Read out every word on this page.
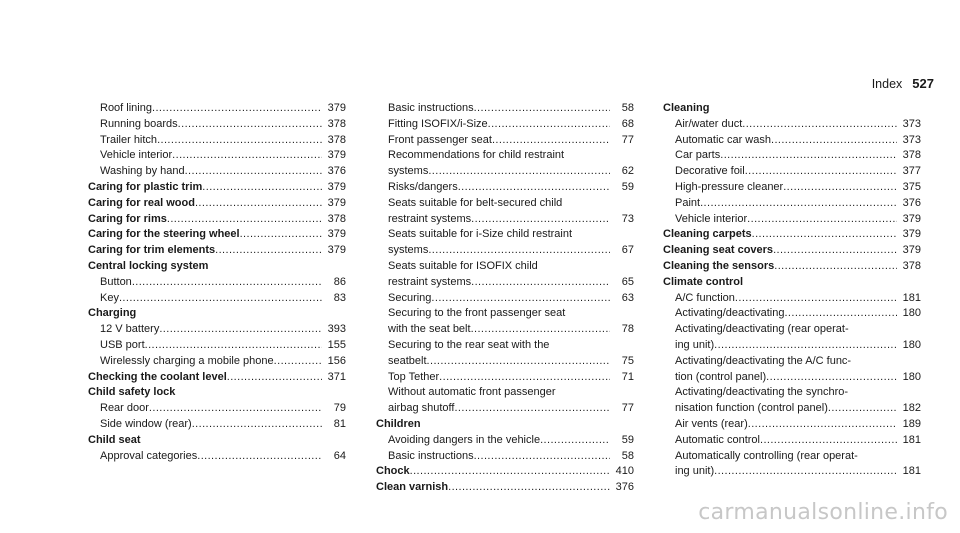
Index 527
Roof lining .....	379
Running boards .....	378
Trailer hitch .....	378
Vehicle interior .....	379
Washing by hand .....	376
Caring for plastic trim .....	379
Caring for real wood .....	379
Caring for rims .....	378
Caring for the steering wheel .....	379
Caring for trim elements .....	379
Central locking system
Button .....	86
Key .....	83
Charging
12 V battery .....	393
USB port .....	155
Wirelessly charging a mobile phone .....	156
Checking the coolant level .....	371
Child safety lock
Rear door .....	79
Side window (rear) .....	81
Child seat
Approval categories .....	64
Basic instructions .....	58
Fitting ISOFIX/i-Size .....	68
Front passenger seat .....	77
Recommendations for child restraint
systems .....	62
Risks/dangers .....	59
Seats suitable for belt-secured child
restraint systems .....	73
Seats suitable for i-Size child restraint
systems .....	67
Seats suitable for ISOFIX child
restraint systems .....	65
Securing .....	63
Securing to the front passenger seat
with the seat belt .....	78
Securing to the rear seat with the
seatbelt .....	75
Top Tether .....	71
Without automatic front passenger
airbag shutoff .....	77
Children
Avoiding dangers in the vehicle .....	59
Basic instructions .....	58
Chock .....	410
Clean varnish .....	376
Cleaning
Air/water duct .....	373
Automatic car wash .....	373
Car parts .....	378
Decorative foil .....	377
High-pressure cleaner .....	375
Paint .....	376
Vehicle interior .....	379
Cleaning carpets .....	379
Cleaning seat covers .....	379
Cleaning the sensors .....	378
Climate control
A/C function .....	181
Activating/deactivating .....	180
Activating/deactivating (rear operat-
ing unit) .....	180
Activating/deactivating the A/C func-
tion (control panel) .....	180
Activating/deactivating the synchro-
nisation function (control panel) .....	182
Air vents (rear) .....	189
Automatic control .....	181
Automatically controlling (rear operat-
ing unit) .....	181
carmanualsonline.info
